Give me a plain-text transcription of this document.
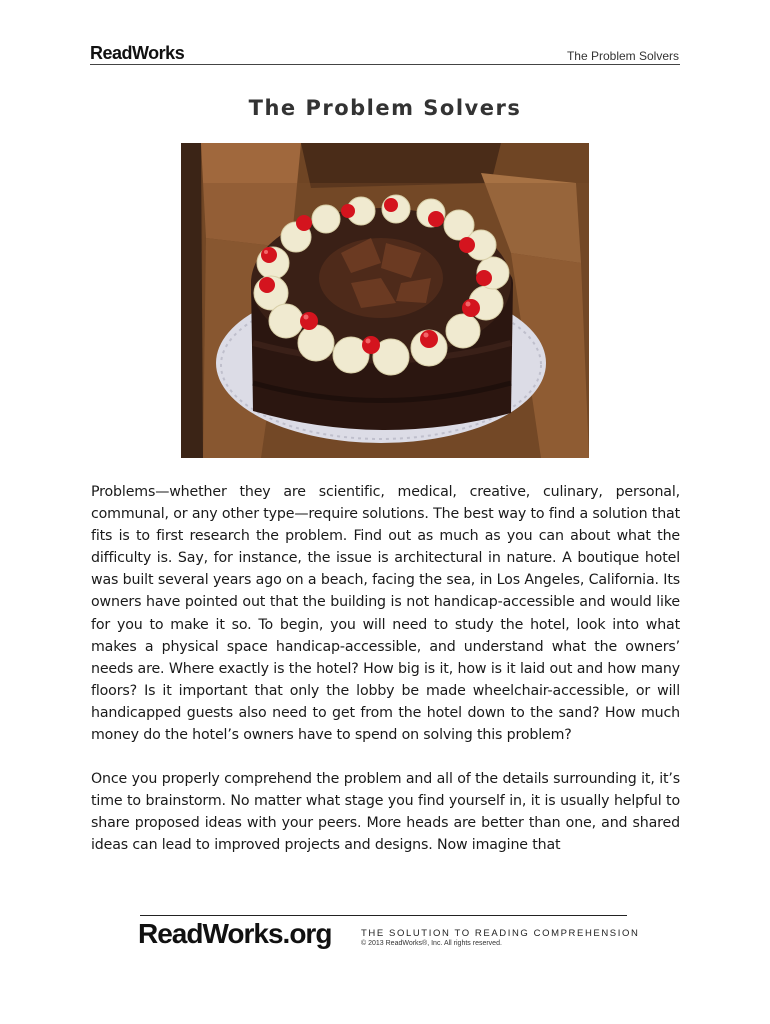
ReadWorks	The Problem Solvers
The Problem Solvers

Problems—whether they are scientific, medical, creative, culinary, personal, communal, or any other type—require solutions. The best way to find a solution that fits is to first research the problem. Find out as much as you can about what the difficulty is. Say, for instance, the issue is architectural in nature. A boutique hotel was built several years ago on a beach, facing the sea, in Los Angeles, California. Its owners have pointed out that the building is not handicap-accessible and would like for you to make it so. To begin, you will need to study the hotel, look into what makes a physical space handicap-accessible, and understand what the owners’ needs are. Where exactly is the hotel? How big is it, how is it laid out and how many floors? Is it important that only the lobby be made wheelchair-accessible, or will handicapped guests also need to get from the hotel down to the sand? How much money do the hotel’s owners have to spend on solving this problem?

Once you properly comprehend the problem and all of the details surrounding it, it’s time to brainstorm. No matter what stage you find yourself in, it is usually helpful to share proposed ideas with your peers. More heads are better than one, and shared ideas can lead to improved projects and designs. Now imagine that

ReadWorks.org	THE SOLUTION TO READING COMPREHENSION
© 2013 ReadWorks®, Inc. All rights reserved.
